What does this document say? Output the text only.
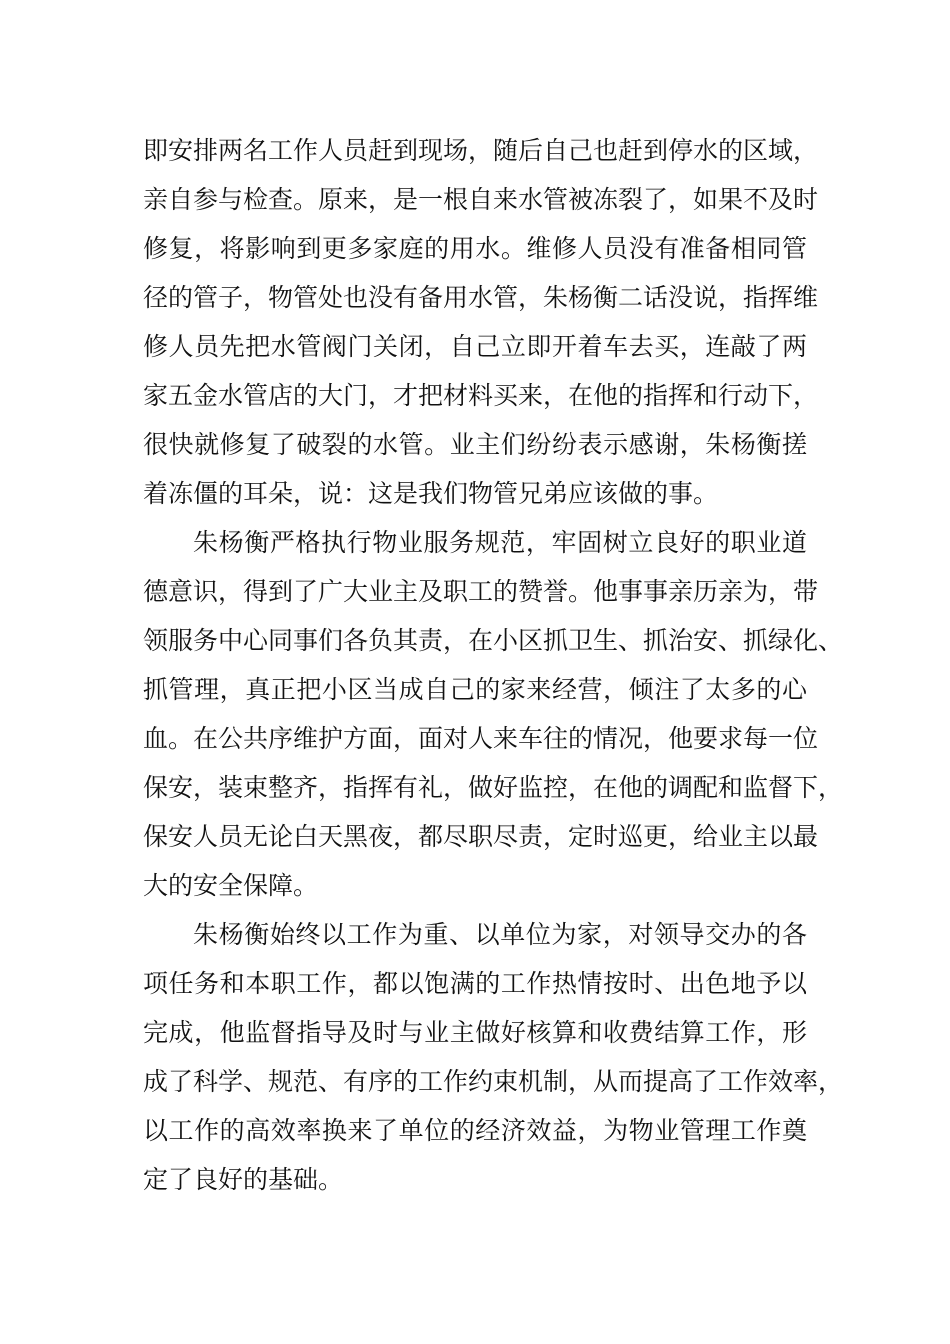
即安排两名工作人员赶到现场，随后自己也赶到停水的区域，
亲自参与检查。原来，是一根自来水管被冻裂了，如果不及时
修复，将影响到更多家庭的用水。维修人员没有准备相同管
径的管子，物管处也没有备用水管，朱杨衡二话没说，指挥维
修人员先把水管阀门关闭，自己立即开着车去买，连敲了两
家五金水管店的大门，才把材料买来，在他的指挥和行动下，
很快就修复了破裂的水管。业主们纷纷表示感谢，朱杨衡搓
着冻僵的耳朵，说：这是我们物管兄弟应该做的事。
朱杨衡严格执行物业服务规范，牢固树立良好的职业道
德意识，得到了广大业主及职工的赞誉。他事事亲历亲为，带
领服务中心同事们各负其责，在小区抓卫生、抓治安、抓绿化、
抓管理，真正把小区当成自己的家来经营，倾注了太多的心
血。在公共序维护方面，面对人来车往的情况，他要求每一位
保安，装束整齐，指挥有礼，做好监控，在他的调配和监督下，
保安人员无论白天黑夜，都尽职尽责，定时巡更，给业主以最
大的安全保障。
朱杨衡始终以工作为重、以单位为家，对领导交办的各
项任务和本职工作，都以饱满的工作热情按时、出色地予以
完成，他监督指导及时与业主做好核算和收费结算工作，形
成了科学、规范、有序的工作约束机制，从而提高了工作效率，
以工作的高效率换来了单位的经济效益，为物业管理工作奠
定了良好的基础。
